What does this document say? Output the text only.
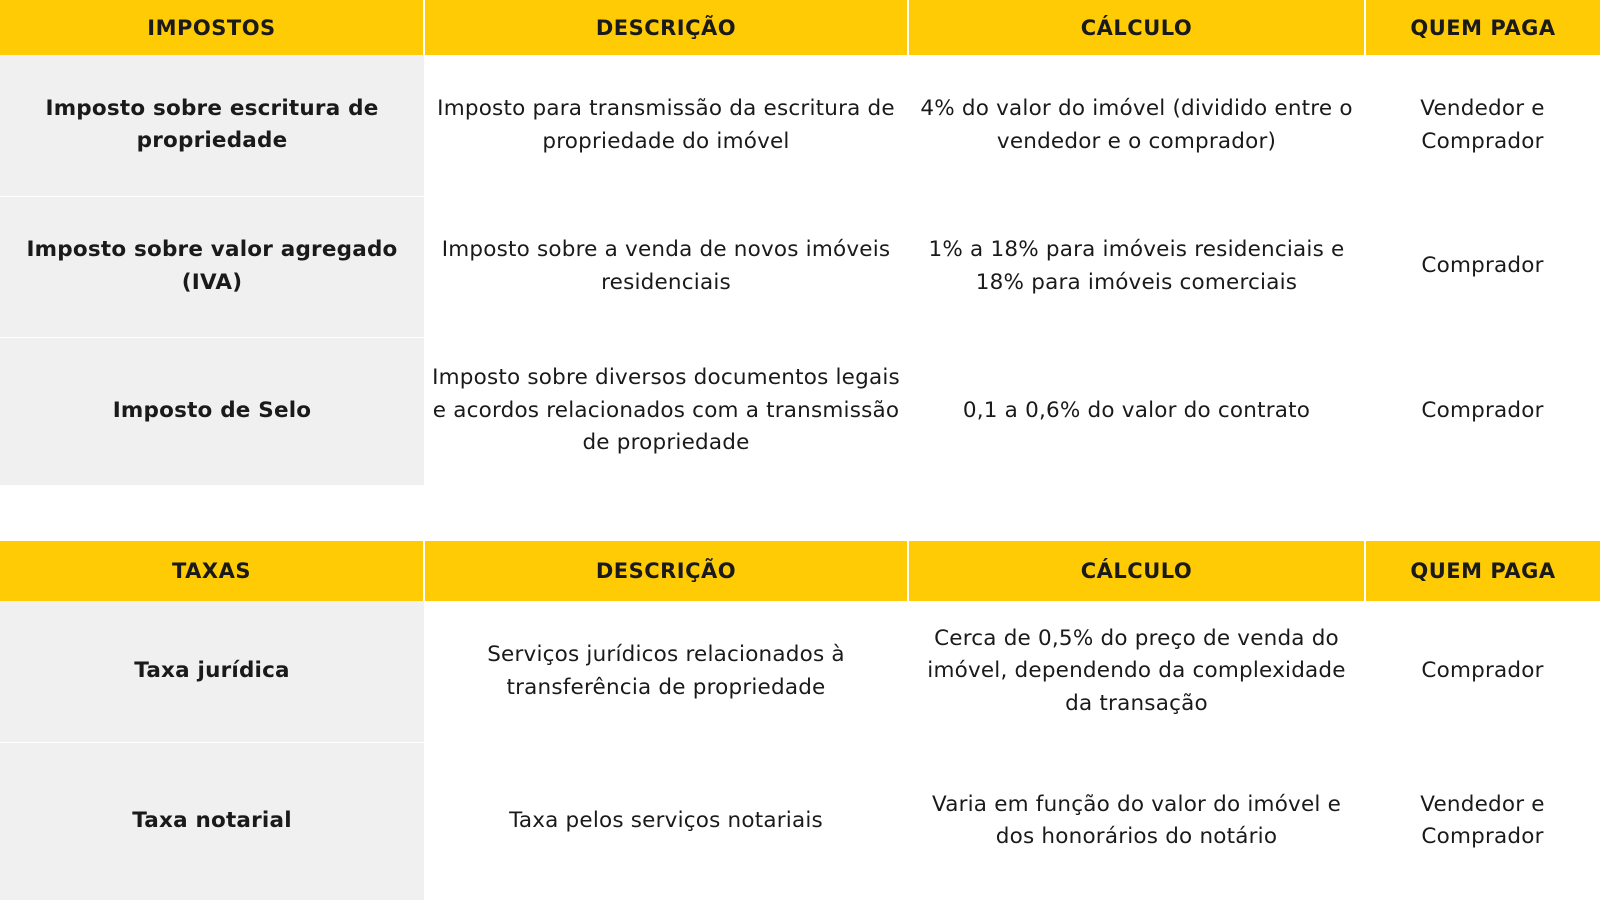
IMPOSTOS	DESCRIÇÃO	CÁLCULO	QUEM PAGA
Imposto sobre escritura de propriedade	Imposto para transmissão da escritura de propriedade do imóvel	4% do valor do imóvel (dividido entre o vendedor e o comprador)	Vendedor e Comprador
Imposto sobre valor agregado (IVA)	Imposto sobre a venda de novos imóveis residenciais	1% a 18% para imóveis residenciais e 18% para imóveis comerciais	Comprador
Imposto de Selo	Imposto sobre diversos documentos legais e acordos relacionados com a transmissão de propriedade	0,1 a 0,6% do valor do contrato	Comprador
TAXAS	DESCRIÇÃO	CÁLCULO	QUEM PAGA
Taxa jurídica	Serviços jurídicos relacionados à transferência de propriedade	Cerca de 0,5% do preço de venda do imóvel, dependendo da complexidade da transação	Comprador
Taxa notarial	Taxa pelos serviços notariais	Varia em função do valor do imóvel e dos honorários do notário	Vendedor e Comprador
